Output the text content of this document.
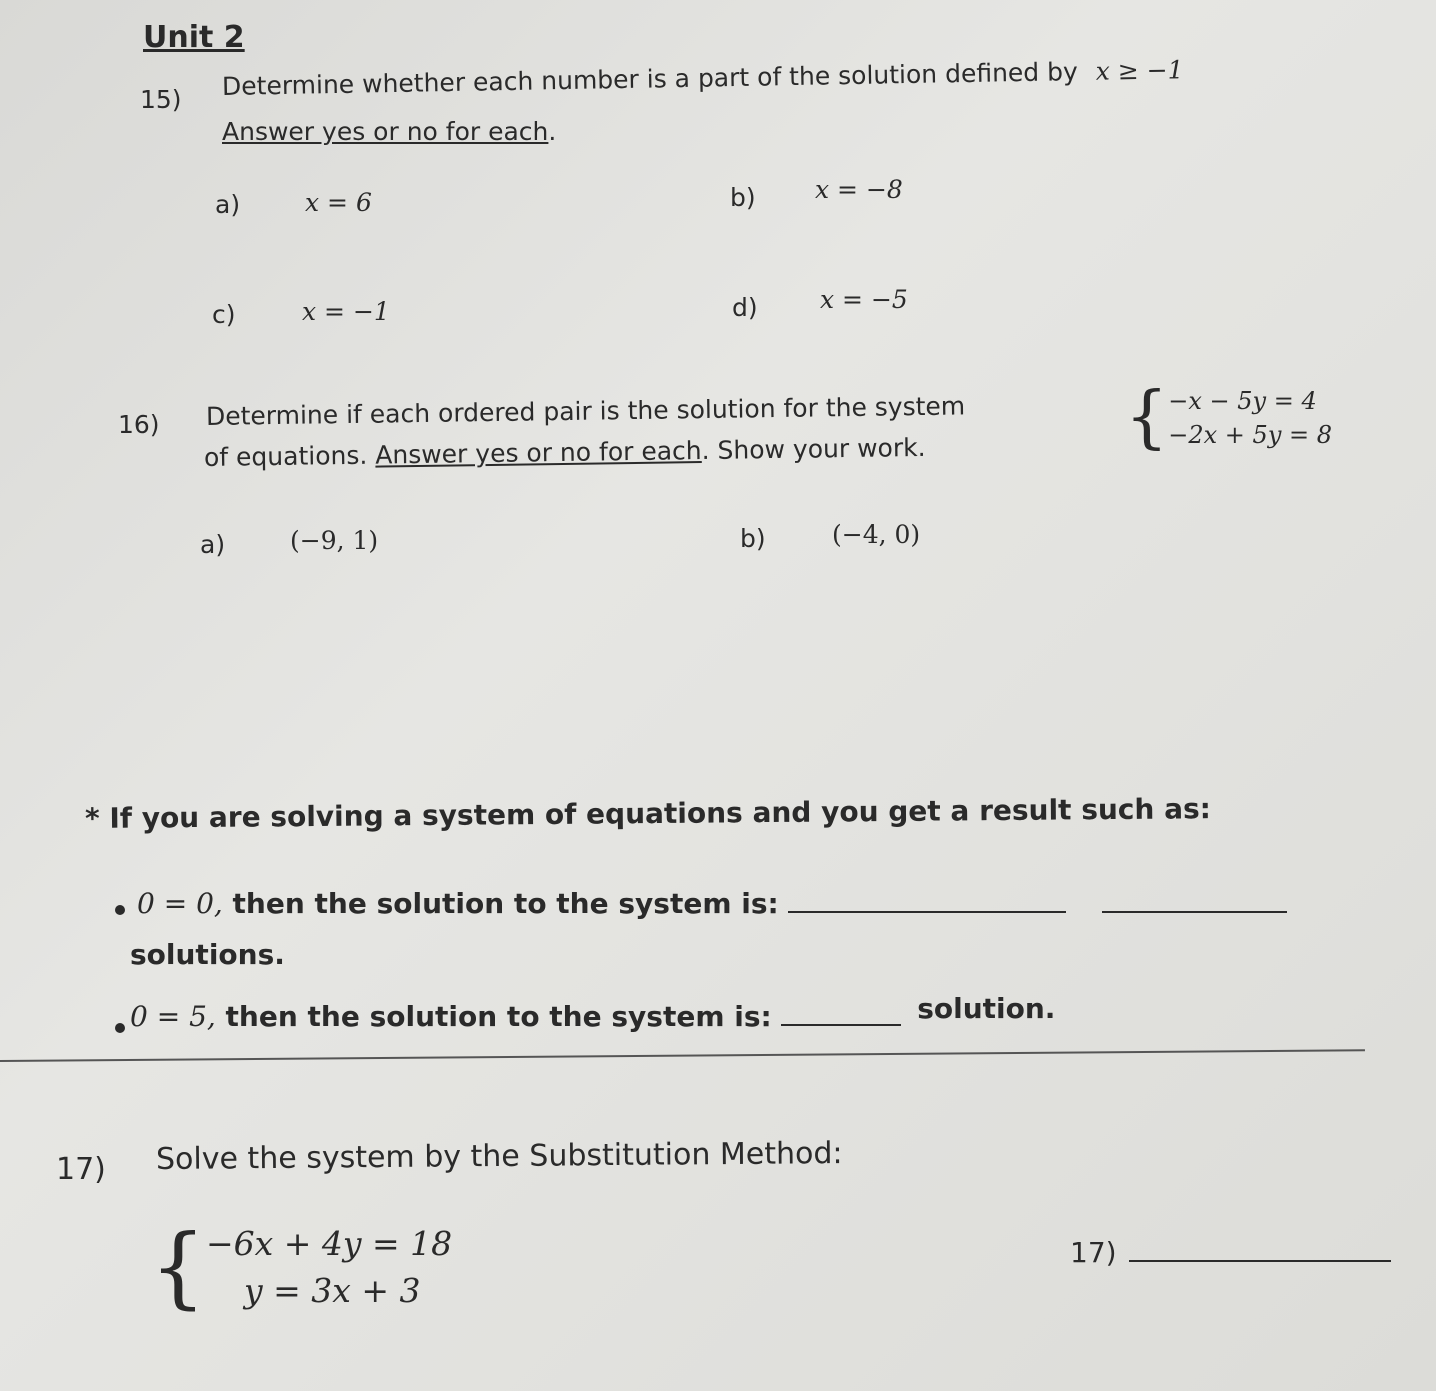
Unit 2
15) Determine whether each number is a part of the solution defined by x ≥ −1
Answer yes or no for each.
a)	x = 6	b) x = −8
c)	x = −1	d) x = −5
16) Determine if each ordered pair is the solution for the system
of equations. Answer yes or no for each. Show your work.	{ −x − 5y = 4
−2x + 5y = 8
a)	(−9, 1)	b)	(−4, 0)
* If you are solving a system of equations and you get a result such as:
0 = 0, then the solution to the system is:
solutions.
0 = 5, then the solution to the system is:	solution.
17) Solve the system by the Substitution Method:
{ −6x + 4y = 18
y = 3x + 3
17)
